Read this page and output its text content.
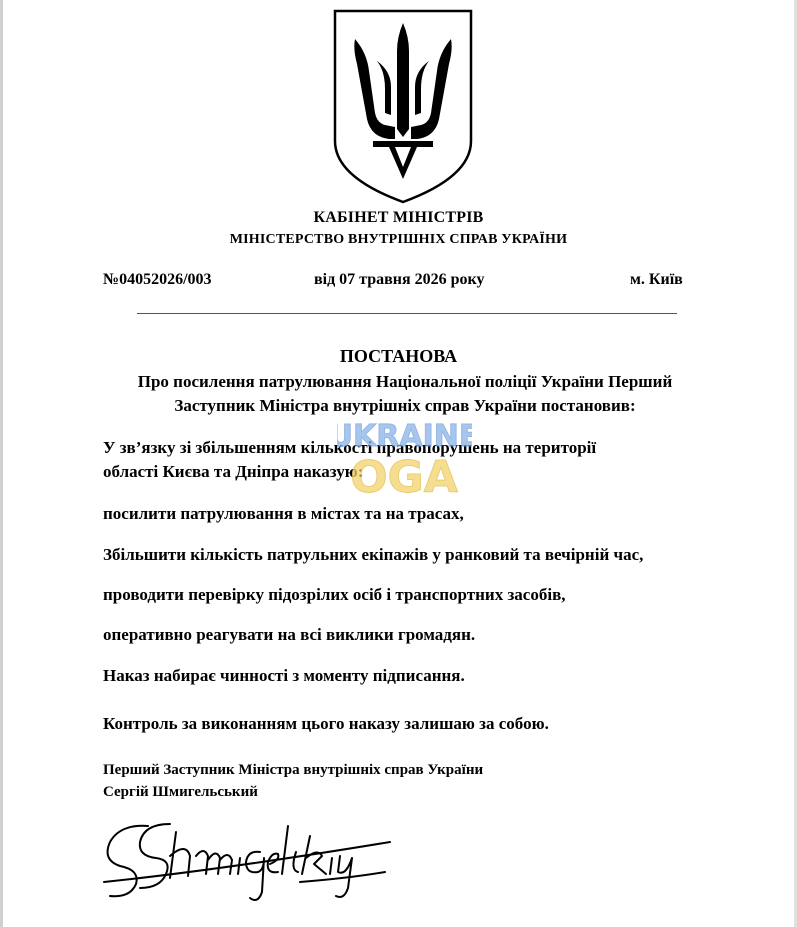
КАБІНЕТ МІНІСТРІВ
МІНІСТЕРСТВО ВНУТРІШНІХ СПРАВ УКРАЇНИ
№04052026/003	від 07 травня 2026 року	м. Київ
ПОСТАНОВА
Про посилення патрулювання Національної поліції України Перший
Заступник Міністра внутрішніх справ України постановив:
У зв’язку зі збільшенням кількості правопорушень на території
області Києва та Дніпра наказую:
посилити патрулювання в містах та на трасах,
Збільшити кількість патрульних екіпажів у ранковий та вечірній час,
проводити перевірку підозрілих осіб і транспортних засобів,
оперативно реагувати на всі виклики громадян.
Наказ набирає чинності з моменту підписання.
Контроль за виконанням цього наказу залишаю за собою.
Перший Заступник Міністра внутрішніх справ України
Сергій Шмигельський
UKRAINE
OGA
